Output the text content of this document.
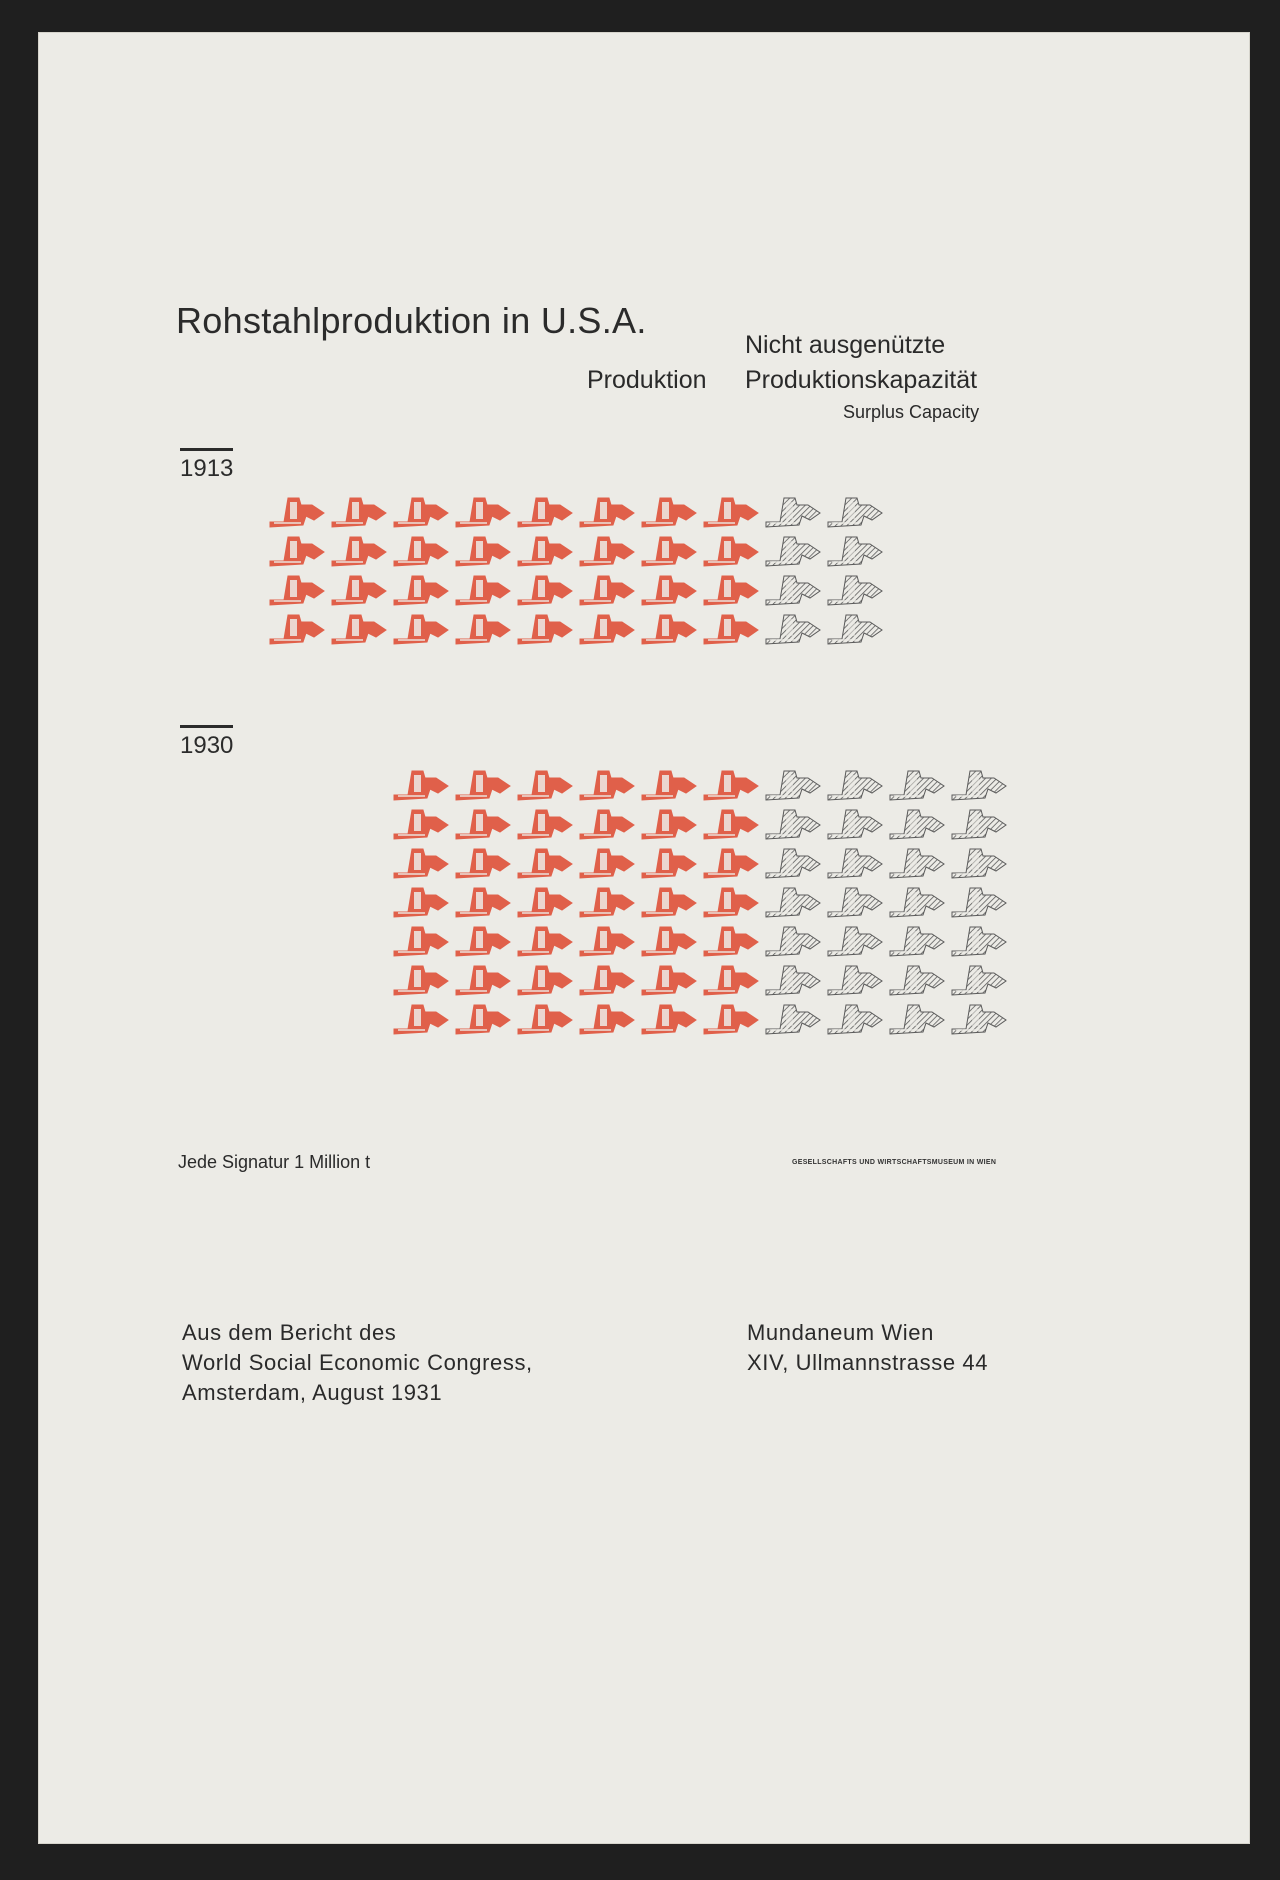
Rohstahlproduktion in U.S.A.
Produktion
Nicht ausgenützte
Produktionskapazität
Surplus Capacity
1913
1930
Jede Signatur 1 Million t	GESELLSCHAFTS UND WIRTSCHAFTSMUSEUM IN WIEN
Aus dem Bericht des
World Social Economic Congress,
Amsterdam, August 1931
Mundaneum Wien
XIV, Ullmannstrasse 44
